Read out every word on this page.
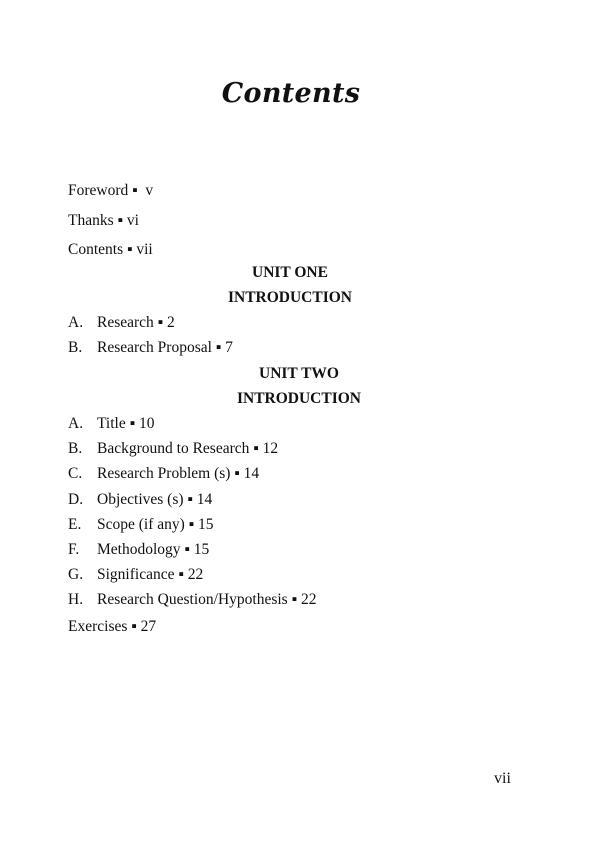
Contents
Foreword ▪  v
Thanks ▪ vi
Contents ▪ vii
UNIT ONE
INTRODUCTION
A. Research ▪ 2
B. Research Proposal ▪ 7
UNIT TWO
INTRODUCTION
A. Title ▪ 10
B. Background to Research ▪ 12
C. Research Problem (s) ▪ 14
D. Objectives (s) ▪ 14
E.	Scope (if any) ▪ 15
F.	Methodology ▪ 15
G. Significance ▪ 22
H. Research Question/Hypothesis ▪ 22
Exercises ▪ 27
vii
